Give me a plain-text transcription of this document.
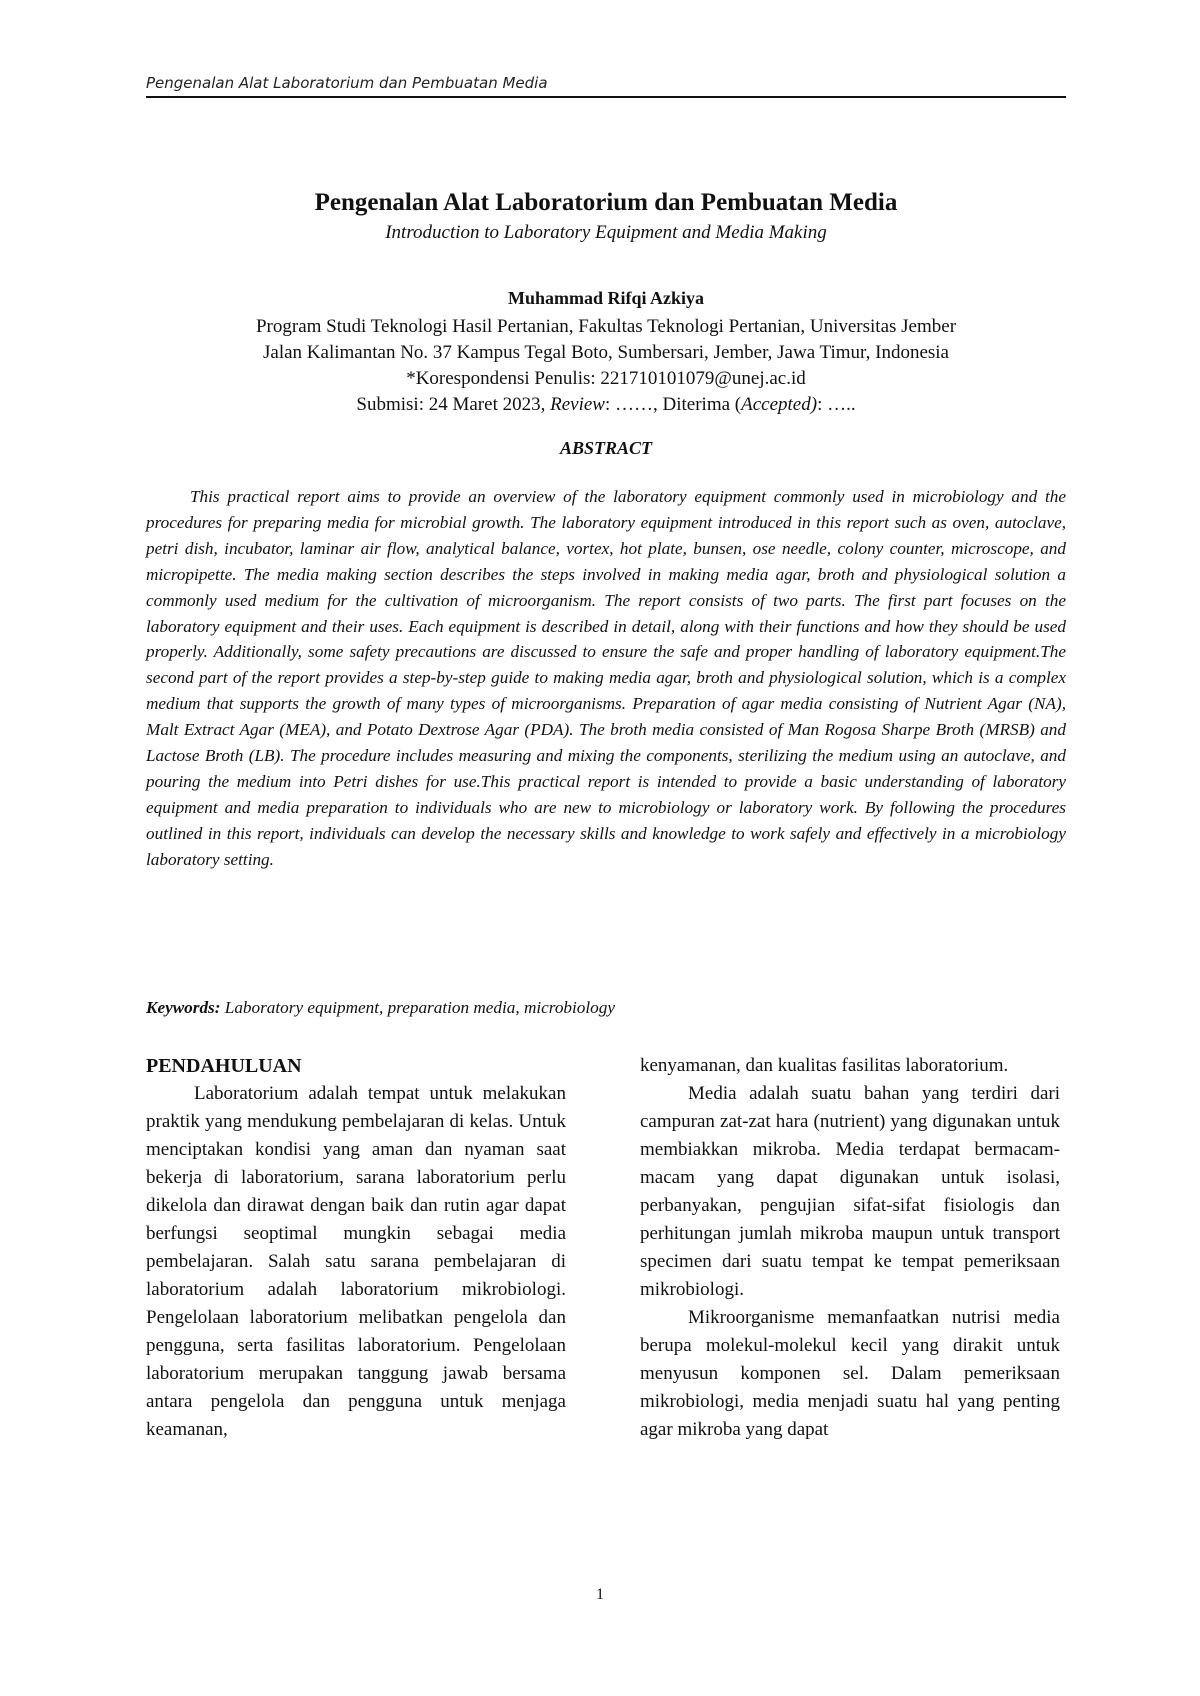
Pengenalan Alat Laboratorium dan Pembuatan Media
Pengenalan Alat Laboratorium dan Pembuatan Media
Introduction to Laboratory Equipment and Media Making
Muhammad Rifqi Azkiya
Program Studi Teknologi Hasil Pertanian, Fakultas Teknologi Pertanian, Universitas Jember
Jalan Kalimantan No. 37 Kampus Tegal Boto, Sumbersari, Jember, Jawa Timur, Indonesia
*Korespondensi Penulis: 221710101079@unej.ac.id
Submisi: 24 Maret 2023, Review: ……, Diterima (Accepted): …..
ABSTRACT

This practical report aims to provide an overview of the laboratory equipment commonly used in microbiology and the procedures for preparing media for microbial growth. The laboratory equipment introduced in this report such as oven, autoclave, petri dish, incubator, laminar air flow, analytical balance, vortex, hot plate, bunsen, ose needle, colony counter, microscope, and micropipette. The media making section describes the steps involved in making media agar, broth and physiological solution a commonly used medium for the cultivation of microorganism. The report consists of two parts. The first part focuses on the laboratory equipment and their uses. Each equipment is described in detail, along with their functions and how they should be used properly. Additionally, some safety precautions are discussed to ensure the safe and proper handling of laboratory equipment.The second part of the report provides a step-by-step guide to making media agar, broth and physiological solution, which is a complex medium that supports the growth of many types of microorganisms. Preparation of agar media consisting of Nutrient Agar (NA), Malt Extract Agar (MEA), and Potato Dextrose Agar (PDA). The broth media consisted of Man Rogosa Sharpe Broth (MRSB) and Lactose Broth (LB). The procedure includes measuring and mixing the components, sterilizing the medium using an autoclave, and pouring the medium into Petri dishes for use.This practical report is intended to provide a basic understanding of laboratory equipment and media preparation to individuals who are new to microbiology or laboratory work. By following the procedures outlined in this report, individuals can develop the necessary skills and knowledge to work safely and effectively in a microbiology laboratory setting.

Keywords: Laboratory equipment, preparation media, microbiology

PENDAHULUAN

Laboratorium adalah tempat untuk melakukan praktik yang mendukung pembelajaran di kelas. Untuk menciptakan kondisi yang aman dan nyaman saat bekerja di laboratorium, sarana laboratorium perlu dikelola dan dirawat dengan baik dan rutin agar dapat berfungsi seoptimal mungkin sebagai media pembelajaran. Salah satu sarana pembelajaran di laboratorium adalah laboratorium mikrobiologi. Pengelolaan laboratorium melibatkan pengelola dan pengguna, serta fasilitas laboratorium. Pengelolaan laboratorium merupakan tanggung jawab bersama antara pengelola dan pengguna untuk menjaga keamanan,

kenyamanan, dan kualitas fasilitas laboratorium.

Media adalah suatu bahan yang terdiri dari campuran zat-zat hara (nutrient) yang digunakan untuk membiakkan mikroba. Media terdapat bermacam-macam yang dapat digunakan untuk isolasi, perbanyakan, pengujian sifat-sifat fisiologis dan perhitungan jumlah mikroba maupun untuk transport specimen dari suatu tempat ke tempat pemeriksaan mikrobiologi.

Mikroorganisme memanfaatkan nutrisi media berupa molekul-molekul kecil yang dirakit untuk menyusun komponen sel. Dalam pemeriksaan mikrobiologi, media menjadi suatu hal yang penting agar mikroba yang dapat

1
